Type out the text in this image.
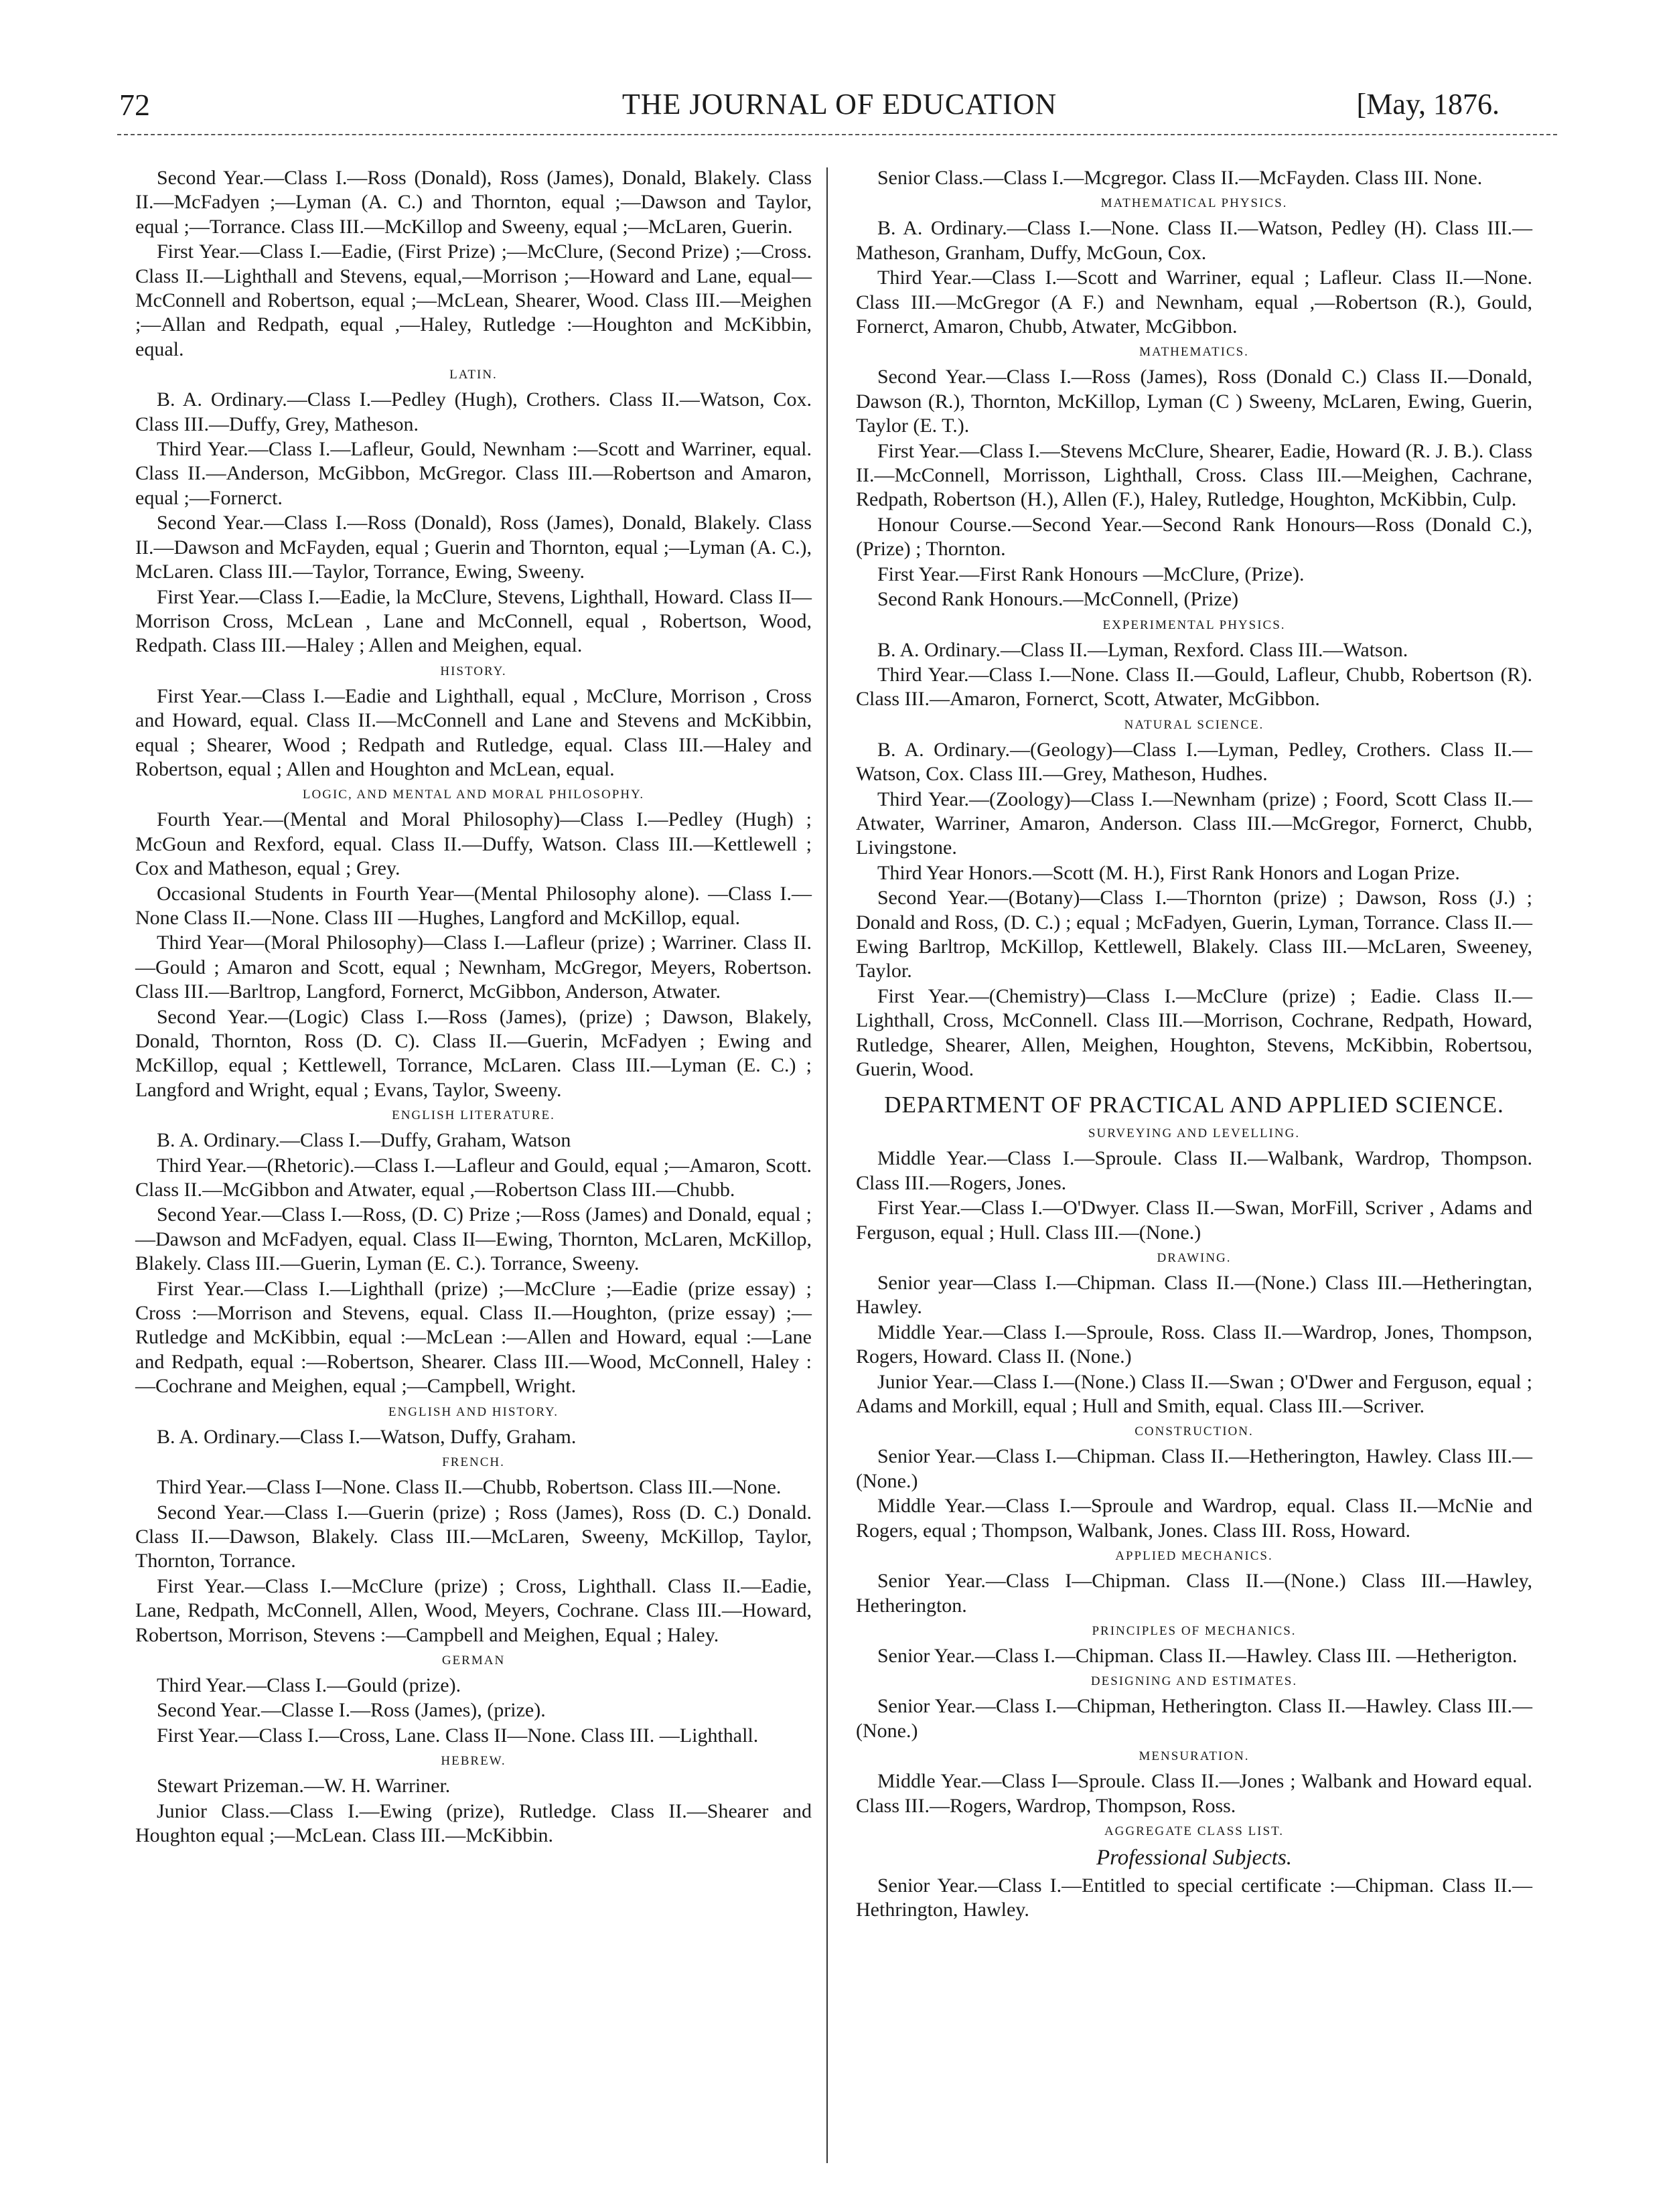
72	THE JOURNAL OF EDUCATION	[May, 1876.
Second Year.—Class I.—Ross (Donald), Ross (James), Donald, Blakely. Class II.—McFadyen ;—Lyman (A. C.) and Thornton, equal ;—Dawson and Taylor, equal ;—Torrance. Class III.—McKillop and Sweeny, equal ;—McLaren, Guerin.
First Year.—Class I.—Eadie, (First Prize) ;—McClure, (Second Prize) ;—Cross. Class II.—Lighthall and Stevens, equal,—Morrison ;—Howard and Lane, equal—McConnell and Robertson, equal ;—McLean, Shearer, Wood. Class III.—Meighen ;—Allan and Redpath, equal ,—Haley, Rutledge :—Houghton and McKibbin, equal.
LATIN.
B. A. Ordinary.—Class I.—Pedley (Hugh), Crothers. Class II.—Watson, Cox. Class III.—Duffy, Grey, Matheson.
Third Year.—Class I.—Lafleur, Gould, Newnham :—Scott and Warriner, equal. Class II.—Anderson, McGibbon, McGregor. Class III.—Robertson and Amaron, equal ;—Fornerct.
Second Year.—Class I.—Ross (Donald), Ross (James), Donald, Blakely. Class II.—Dawson and McFayden, equal ; Guerin and Thornton, equal ;—Lyman (A. C.), McLaren. Class III.—Taylor, Torrance, Ewing, Sweeny.
First Year.—Class I.—Eadie, la McClure, Stevens, Lighthall, Howard. Class II—Morrison Cross, McLean , Lane and McConnell, equal , Robertson, Wood, Redpath. Class III.—Haley ; Allen and Meighen, equal.
HISTORY.
First Year.—Class I.—Eadie and Lighthall, equal , McClure, Morrison , Cross and Howard, equal. Class II.—McConnell and Lane and Stevens and McKibbin, equal ; Shearer, Wood ; Redpath and Rutledge, equal. Class III.—Haley and Robertson, equal ; Allen and Houghton and McLean, equal.
LOGIC, AND MENTAL AND MORAL PHILOSOPHY.
Fourth Year.—(Mental and Moral Philosophy)—Class I.—Pedley (Hugh) ; McGoun and Rexford, equal. Class II.—Duffy, Watson. Class III.—Kettlewell ; Cox and Matheson, equal ; Grey.
Occasional Students in Fourth Year—(Mental Philosophy alone). —Class I.—None Class II.—None. Class III —Hughes, Langford and McKillop, equal.
Third Year—(Moral Philosophy)—Class I.—Lafleur (prize) ; Warriner. Class II.—Gould ; Amaron and Scott, equal ; Newnham, McGregor, Meyers, Robertson. Class III.—Barltrop, Langford, Fornerct, McGibbon, Anderson, Atwater.
Second Year.—(Logic) Class I.—Ross (James), (prize) ; Dawson, Blakely, Donald, Thornton, Ross (D. C). Class II.—Guerin, McFadyen ; Ewing and McKillop, equal ; Kettlewell, Torrance, McLaren. Class III.—Lyman (E. C.) ; Langford and Wright, equal ; Evans, Taylor, Sweeny.
ENGLISH LITERATURE.
B. A. Ordinary.—Class I.—Duffy, Graham, Watson
Third Year.—(Rhetoric).—Class I.—Lafleur and Gould, equal ;—Amaron, Scott. Class II.—McGibbon and Atwater, equal ,—Robertson Class III.—Chubb.
Second Year.—Class I.—Ross, (D. C) Prize ;—Ross (James) and Donald, equal ;—Dawson and McFadyen, equal. Class II—Ewing, Thornton, McLaren, McKillop, Blakely. Class III.—Guerin, Lyman (E. C.). Torrance, Sweeny.
First Year.—Class I.—Lighthall (prize) ;—McClure ;—Eadie (prize essay) ; Cross :—Morrison and Stevens, equal. Class II.—Houghton, (prize essay) ;—Rutledge and McKibbin, equal :—McLean :—Allen and Howard, equal :—Lane and Redpath, equal :—Robertson, Shearer. Class III.—Wood, McConnell, Haley :—Cochrane and Meighen, equal ;—Campbell, Wright.
ENGLISH AND HISTORY.
B. A. Ordinary.—Class I.—Watson, Duffy, Graham.
FRENCH.
Third Year.—Class I—None. Class II.—Chubb, Robertson. Class III.—None.
Second Year.—Class I.—Guerin (prize) ; Ross (James), Ross (D. C.) Donald. Class II.—Dawson, Blakely. Class III.—McLaren, Sweeny, McKillop, Taylor, Thornton, Torrance.
First Year.—Class I.—McClure (prize) ; Cross, Lighthall. Class II.—Eadie, Lane, Redpath, McConnell, Allen, Wood, Meyers, Cochrane. Class III.—Howard, Robertson, Morrison, Stevens :—Campbell and Meighen, Equal ; Haley.
GERMAN
Third Year.—Class I.—Gould (prize).
Second Year.—Classe I.—Ross (James), (prize).
First Year.—Class I.—Cross, Lane. Class II—None. Class III. —Lighthall.
HEBREW.
Stewart Prizeman.—W. H. Warriner.
Junior Class.—Class I.—Ewing (prize), Rutledge. Class II.—Shearer and Houghton equal ;—McLean. Class III.—McKibbin.
Senior Class.—Class I.—Mcgregor. Class II.—McFayden. Class III. None.
MATHEMATICAL PHYSICS.
B. A. Ordinary.—Class I.—None. Class II.—Watson, Pedley (H). Class III.—Matheson, Granham, Duffy, McGoun, Cox.
Third Year.—Class I.—Scott and Warriner, equal ; Lafleur. Class II.—None. Class III.—McGregor (A F.) and Newnham, equal ,—Robertson (R.), Gould, Fornerct, Amaron, Chubb, Atwater, McGibbon.
MATHEMATICS.
Second Year.—Class I.—Ross (James), Ross (Donald C.) Class II.—Donald, Dawson (R.), Thornton, McKillop, Lyman (C ) Sweeny, McLaren, Ewing, Guerin, Taylor (E. T.).
First Year.—Class I.—Stevens McClure, Shearer, Eadie, Howard (R. J. B.). Class II.—McConnell, Morrisson, Lighthall, Cross. Class III.—Meighen, Cachrane, Redpath, Robertson (H.), Allen (F.), Haley, Rutledge, Houghton, McKibbin, Culp.
Honour Course.—Second Year.—Second Rank Honours—Ross (Donald C.), (Prize) ; Thornton.
First Year.—First Rank Honours —McClure, (Prize).
Second Rank Honours.—McConnell, (Prize)
EXPERIMENTAL PHYSICS.
B. A. Ordinary.—Class II.—Lyman, Rexford. Class III.—Watson.
Third Year.—Class I.—None. Class II.—Gould, Lafleur, Chubb, Robertson (R). Class III.—Amaron, Fornerct, Scott, Atwater, McGibbon.
NATURAL SCIENCE.
B. A. Ordinary.—(Geology)—Class I.—Lyman, Pedley, Crothers. Class II.—Watson, Cox. Class III.—Grey, Matheson, Hudhes.
Third Year.—(Zoology)—Class I.—Newnham (prize) ; Foord, Scott Class II.—Atwater, Warriner, Amaron, Anderson. Class III.—McGregor, Fornerct, Chubb, Livingstone.
Third Year Honors.—Scott (M. H.), First Rank Honors and Logan Prize.
Second Year.—(Botany)—Class I.—Thornton (prize) ; Dawson, Ross (J.) ; Donald and Ross, (D. C.) ; equal ; McFadyen, Guerin, Lyman, Torrance. Class II.—Ewing Barltrop, McKillop, Kettlewell, Blakely. Class III.—McLaren, Sweeney, Taylor.
First Year.—(Chemistry)—Class I.—McClure (prize) ; Eadie. Class II.—Lighthall, Cross, McConnell. Class III.—Morrison, Cochrane, Redpath, Howard, Rutledge, Shearer, Allen, Meighen, Houghton, Stevens, McKibbin, Robertsou, Guerin, Wood.
DEPARTMENT OF PRACTICAL AND APPLIED SCIENCE.
SURVEYING AND LEVELLING.
Middle Year.—Class I.—Sproule. Class II.—Walbank, Wardrop, Thompson. Class III.—Rogers, Jones.
First Year.—Class I.—O'Dwyer. Class II.—Swan, MorFill, Scriver , Adams and Ferguson, equal ; Hull. Class III.—(None.)
DRAWING.
Senior year—Class I.—Chipman. Class II.—(None.) Class III.—Hetheringtan, Hawley.
Middle Year.—Class I.—Sproule, Ross. Class II.—Wardrop, Jones, Thompson, Rogers, Howard. Class II. (None.)
Junior Year.—Class I.—(None.) Class II.—Swan ; O'Dwer and Ferguson, equal ; Adams and Morkill, equal ; Hull and Smith, equal. Class III.—Scriver.
CONSTRUCTION.
Senior Year.—Class I.—Chipman. Class II.—Hetherington, Hawley. Class III.—(None.)
Middle Year.—Class I.—Sproule and Wardrop, equal. Class II.—McNie and Rogers, equal ; Thompson, Walbank, Jones. Class III. Ross, Howard.
APPLIED MECHANICS.
Senior Year.—Class I—Chipman. Class II.—(None.) Class III.—Hawley, Hetherington.
PRINCIPLES OF MECHANICS.
Senior Year.—Class I.—Chipman. Class II.—Hawley. Class III. —Hetherigton.
DESIGNING AND ESTIMATES.
Senior Year.—Class I.—Chipman, Hetherington. Class II.—Hawley. Class III.—(None.)
MENSURATION.
Middle Year.—Class I—Sproule. Class II.—Jones ; Walbank and Howard equal. Class III.—Rogers, Wardrop, Thompson, Ross.
AGGREGATE CLASS LIST.
Professional Subjects.
Senior Year.—Class I.—Entitled to special certificate :—Chipman. Class II.—Hethrington, Hawley.
